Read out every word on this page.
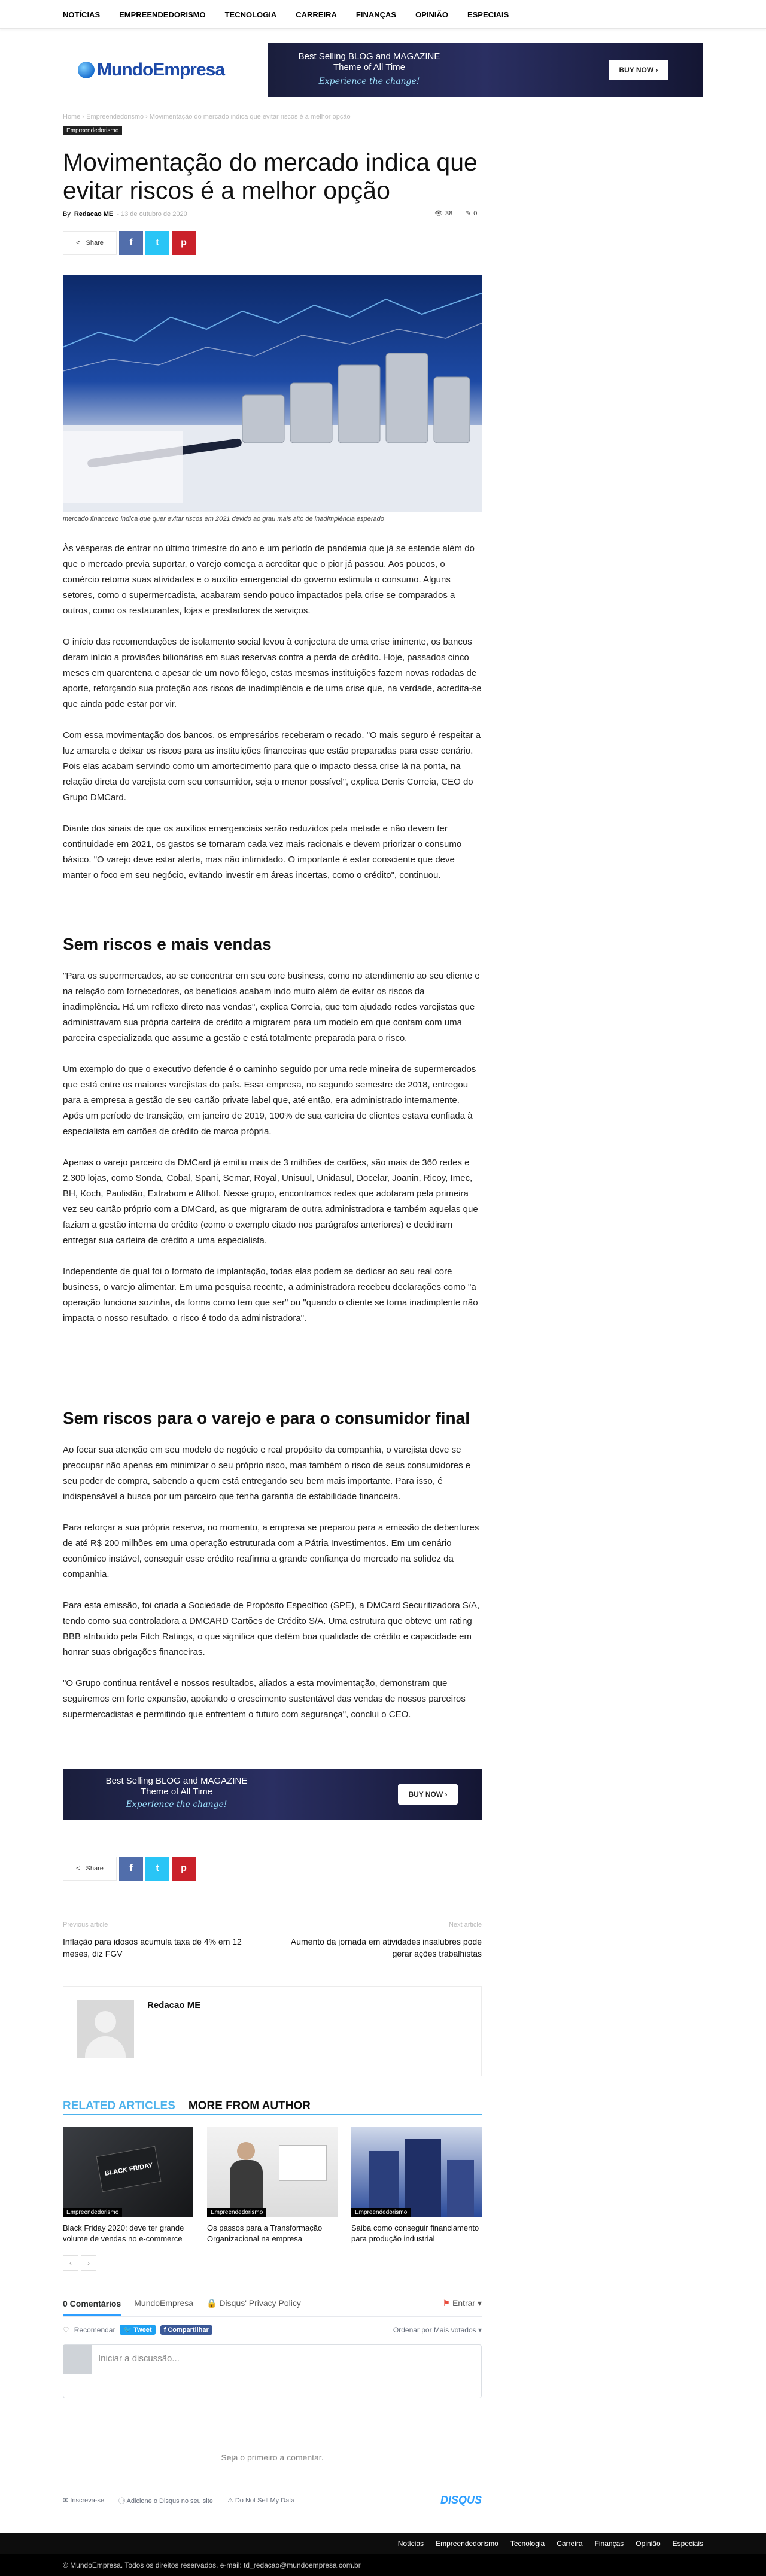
NOTÍCIAS EMPREENDEDORISMO TECNOLOGIA CARREIRA FINANÇAS OPINIÃO ESPECIAIS
Mundo Empresa
Best Selling BLOG and MAGAZINE
Theme of All Time
Experience the change!
BUY NOW ›
Home › Empreendedorismo › Movimentação do mercado indica que evitar riscos é a melhor opção
Empreendedorismo
Movimentação do mercado indica que evitar riscos é a melhor opção
By Redacao ME - 13 de outubro de 2020	👁 38 ✎ 0
< Share	f t p
mercado financeiro indica que quer evitar riscos em 2021 devido ao grau mais alto de inadimplência esperado

Às vésperas de entrar no último trimestre do ano e um período de pandemia que já se estende além do que o mercado previa suportar, o varejo começa a acreditar que o pior já passou. Aos poucos, o comércio retoma suas atividades e o auxílio emergencial do governo estimula o consumo. Alguns setores, como o supermercadista, acabaram sendo pouco impactados pela crise se comparados a outros, como os restaurantes, lojas e prestadores de serviços.

O início das recomendações de isolamento social levou à conjectura de uma crise iminente, os bancos deram início a provisões bilionárias em suas reservas contra a perda de crédito. Hoje, passados cinco meses em quarentena e apesar de um novo fôlego, estas mesmas instituições fazem novas rodadas de aporte, reforçando sua proteção aos riscos de inadimplência e de uma crise que, na verdade, acredita-se que ainda pode estar por vir.

Com essa movimentação dos bancos, os empresários receberam o recado. "O mais seguro é respeitar a luz amarela e deixar os riscos para as instituições financeiras que estão preparadas para esse cenário. Pois elas acabam servindo como um amortecimento para que o impacto dessa crise lá na ponta, na relação direta do varejista com seu consumidor, seja o menor possível", explica Denis Correia, CEO do Grupo DMCard.

Diante dos sinais de que os auxílios emergenciais serão reduzidos pela metade e não devem ter continuidade em 2021, os gastos se tornaram cada vez mais racionais e devem priorizar o consumo básico. "O varejo deve estar alerta, mas não intimidado. O importante é estar consciente que deve manter o foco em seu negócio, evitando investir em áreas incertas, como o crédito", continuou.

Sem riscos e mais vendas

"Para os supermercados, ao se concentrar em seu core business, como no atendimento ao seu cliente e na relação com fornecedores, os benefícios acabam indo muito além de evitar os riscos da inadimplência. Há um reflexo direto nas vendas", explica Correia, que tem ajudado redes varejistas que administravam sua própria carteira de crédito a migrarem para um modelo em que contam com uma parceira especializada que assume a gestão e está totalmente preparada para o risco.

Um exemplo do que o executivo defende é o caminho seguido por uma rede mineira de supermercados que está entre os maiores varejistas do país. Essa empresa, no segundo semestre de 2018, entregou para a empresa a gestão de seu cartão private label que, até então, era administrado internamente. Após um período de transição, em janeiro de 2019, 100% de sua carteira de clientes estava confiada à especialista em cartões de crédito de marca própria.

Apenas o varejo parceiro da DMCard já emitiu mais de 3 milhões de cartões, são mais de 360 redes e 2.300 lojas, como Sonda, Cobal, Spani, Semar, Royal, Unisuul, Unidasul, Docelar, Joanin, Ricoy, Imec, BH, Koch, Paulistão, Extrabom e Althof. Nesse grupo, encontramos redes que adotaram pela primeira vez seu cartão próprio com a DMCard, as que migraram de outra administradora e também aquelas que faziam a gestão interna do crédito (como o exemplo citado nos parágrafos anteriores) e decidiram entregar sua carteira de crédito a uma especialista.

Independente de qual foi o formato de implantação, todas elas podem se dedicar ao seu real core business, o varejo alimentar. Em uma pesquisa recente, a administradora recebeu declarações como "a operação funciona sozinha, da forma como tem que ser" ou "quando o cliente se torna inadimplente não impacta o nosso resultado, o risco é todo da administradora".

Sem riscos para o varejo e para o consumidor final

Ao focar sua atenção em seu modelo de negócio e real propósito da companhia, o varejista deve se preocupar não apenas em minimizar o seu próprio risco, mas também o risco de seus consumidores e seu poder de compra, sabendo a quem está entregando seu bem mais importante. Para isso, é indispensável a busca por um parceiro que tenha garantia de estabilidade financeira.

Para reforçar a sua própria reserva, no momento, a empresa se preparou para a emissão de debentures de até R$ 200 milhões em uma operação estruturada com a Pátria Investimentos. Em um cenário econômico instável, conseguir esse crédito reafirma a grande confiança do mercado na solidez da companhia.

Para esta emissão, foi criada a Sociedade de Propósito Específico (SPE), a DMCard Securitizadora S/A, tendo como sua controladora a DMCARD Cartões de Crédito S/A. Uma estrutura que obteve um rating BBB atribuído pela Fitch Ratings, o que significa que detém boa qualidade de crédito e capacidade em honrar suas obrigações financeiras.

"O Grupo continua rentável e nossos resultados, aliados a esta movimentação, demonstram que seguiremos em forte expansão, apoiando o crescimento sustentável das vendas de nossos parceiros supermercadistas e permitindo que enfrentem o futuro com segurança", conclui o CEO.

Best Selling BLOG and MAGAZINE
Theme of All Time
Experience the change!
BUY NOW ›
< Share	f t p
Previous article
Inflação para idosos acumula taxa de 4% em 12 meses, diz FGV
Next article
Aumento da jornada em atividades insalubres pode gerar ações trabalhistas
Redacao ME
RELATED ARTICLES MORE FROM AUTHOR
BLACK FRIDAY
Empreendedorismo
Black Friday 2020: deve ter grande volume de vendas no e-commerce
Empreendedorismo
Os passos para a Transformação Organizacional na empresa
Empreendedorismo
Saiba como conseguir financiamento para produção industrial
‹	›
0 Comentários MundoEmpresa 🔒 Disqus' Privacy Policy	⚑ Entrar ▾
♡ Recomendar	🐦 Tweet	f Compartilhar	Ordenar por Mais votados ▾
Iniciar a discussão...
Seja o primeiro a comentar.
✉ Inscreva-se Ⓓ Adicione o Disqus no seu site ⚠ Do Not Sell My Data	DISQUS
Notícias Empreendedorismo Tecnologia Carreira Finanças Opinião Especiais
© MundoEmpresa. Todos os direitos reservados. e-mail: td_redacao@mundoempresa.com.br
